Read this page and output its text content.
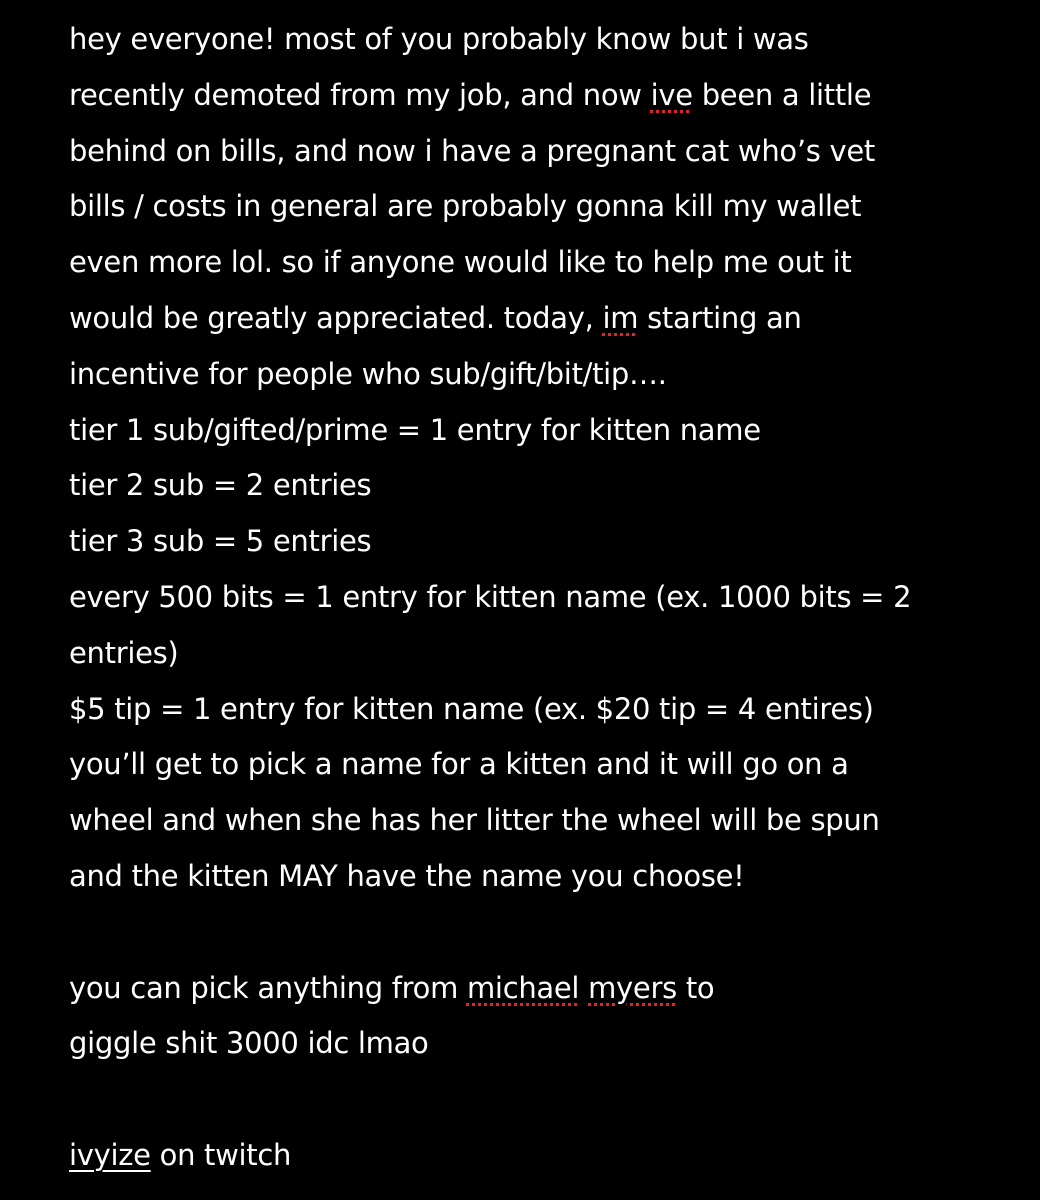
hey everyone! most of you probably know but i was
recently demoted from my job, and now ive been a little
behind on bills, and now i have a pregnant cat who’s vet
bills / costs in general are probably gonna kill my wallet
even more lol. so if anyone would like to help me out it
would be greatly appreciated. today, im starting an
incentive for people who sub/gift/bit/tip….
tier 1 sub/gifted/prime = 1 entry for kitten name
tier 2 sub = 2 entries
tier 3 sub = 5 entries
every 500 bits = 1 entry for kitten name (ex. 1000 bits = 2
entries)
$5 tip = 1 entry for kitten name (ex. $20 tip = 4 entires)
you’ll get to pick a name for a kitten and it will go on a
wheel and when she has her litter the wheel will be spun
and the kitten MAY have the name you choose!
you can pick anything from michael myers to
giggle shit 3000 idc lmao
ivyize on twitch
